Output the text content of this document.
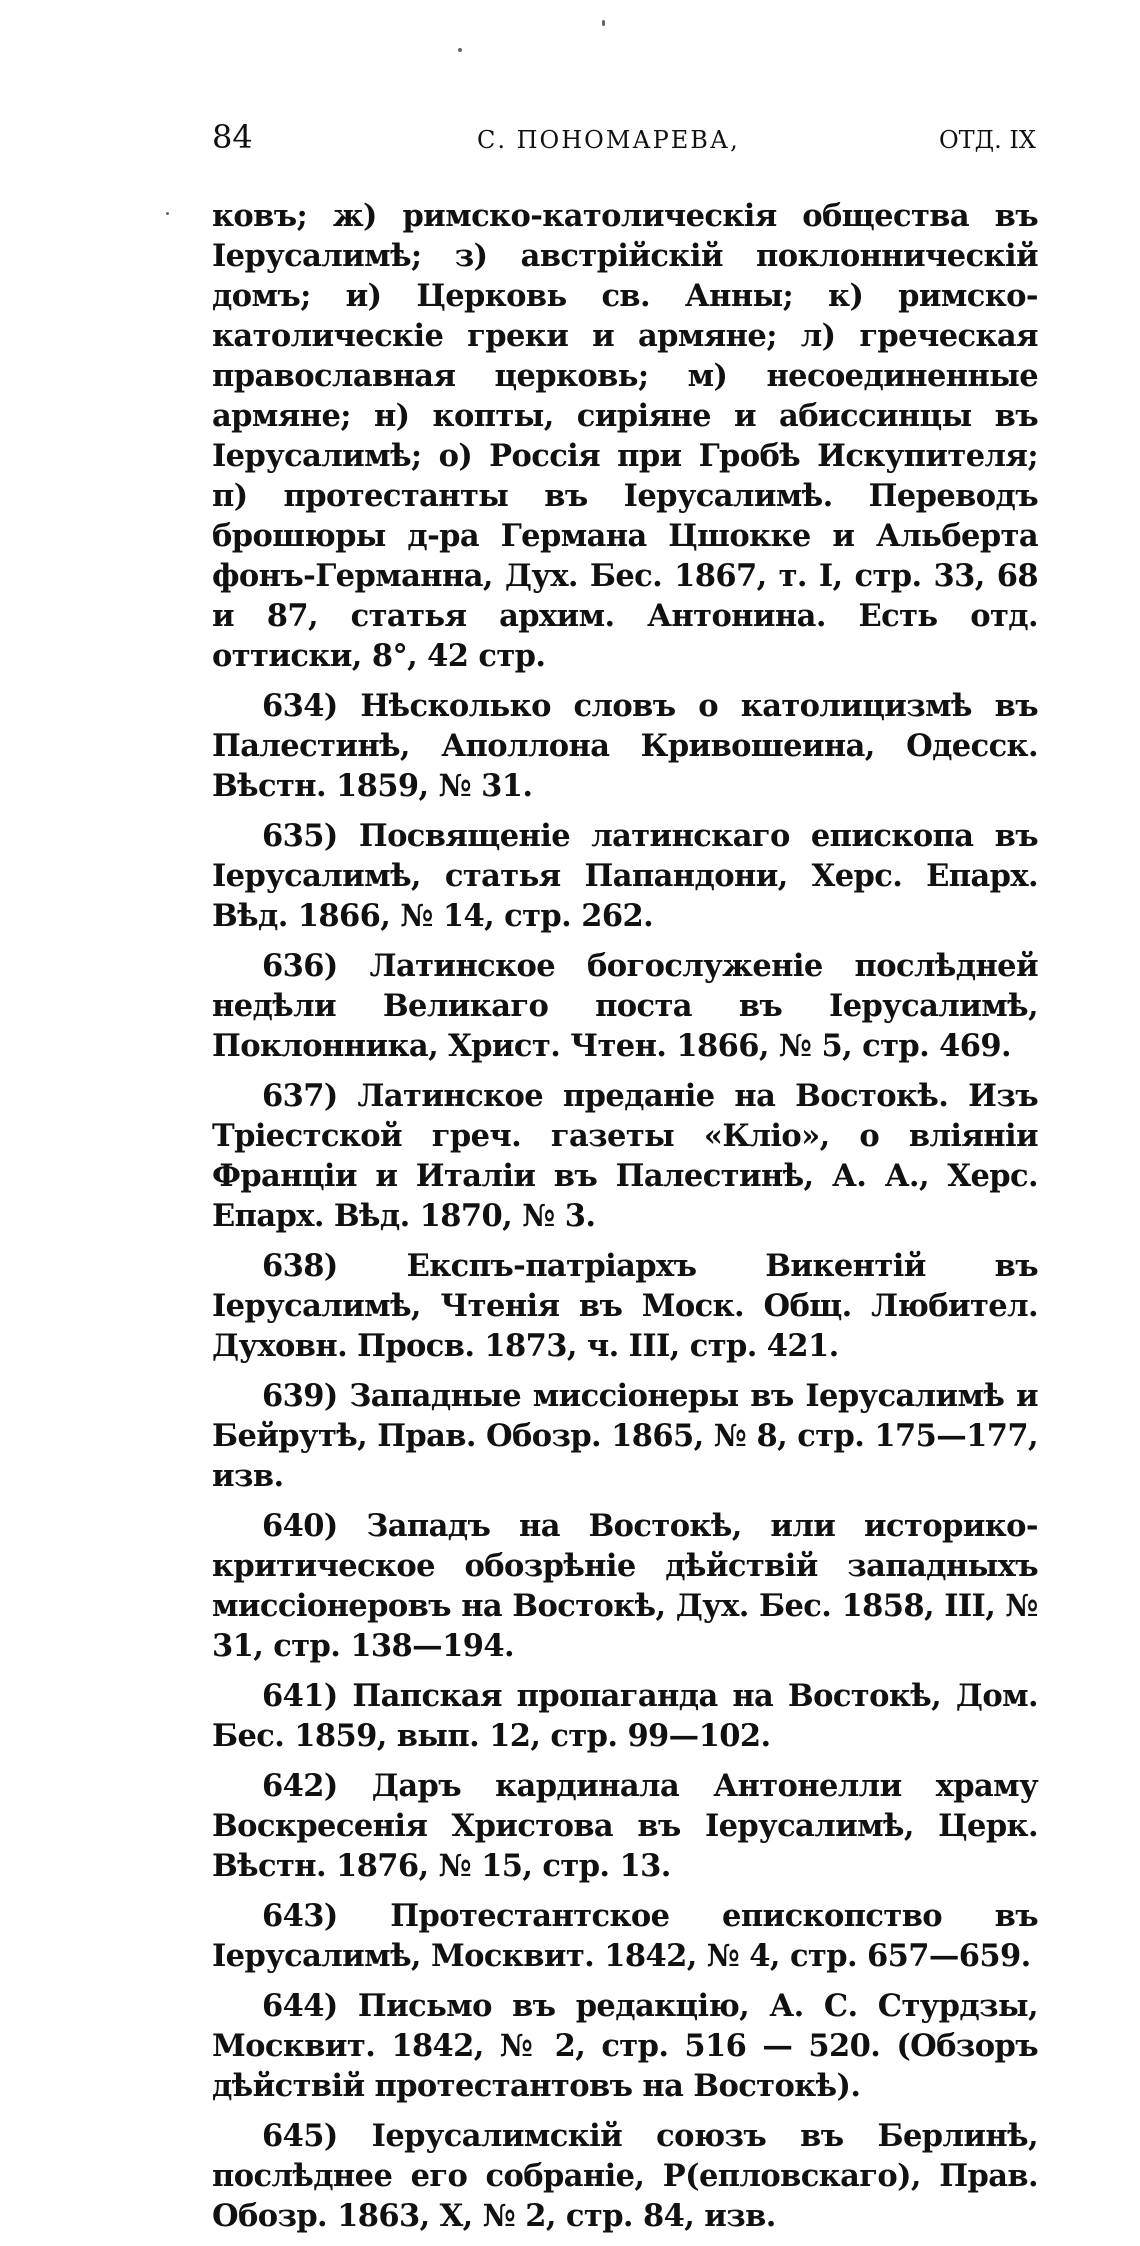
84	С. ПОНОМАРЕВА,	ОТД. IX

ковъ; ж) римско-католическія общества въ Іерусалимѣ; з) австрійскій поклонническій домъ; и) Церковь св. Анны; к) римско-католическіе греки и армяне; л) греческая православная церковь; м) несоединенные армяне; н) копты, сиріяне и абиссинцы въ Іерусалимѣ; о) Россія при Гробѣ Искупителя; п) протестанты въ Іерусалимѣ. Переводъ брошюры д-ра Германа Цшокке и Альберта фонъ-Германна, Дух. Бес. 1867, т. I, стр. 33, 68 и 87, статья архим. Антонина. Есть отд. оттиски, 8°, 42 стр.

634) Нѣсколько словъ о католицизмѣ въ Палестинѣ, Аполлона Кривошеина, Одесск. Вѣстн. 1859, № 31.

635) Посвященіе латинскаго епископа въ Іерусалимѣ, статья Папандони, Херс. Епарх. Вѣд. 1866, № 14, стр. 262.

636) Латинское богослуженіе послѣдней недѣли Великаго поста въ Іерусалимѣ, Поклонника, Христ. Чтен. 1866, № 5, стр. 469.

637) Латинское преданіе на Востокѣ. Изъ Тріестской греч. газеты «Кліо», о вліяніи Франціи и Италіи въ Палестинѣ, А. А., Херс. Епарх. Вѣд. 1870, № 3.

638) Експъ-патріархъ Викентій въ Іерусалимѣ, Чтенія въ Моск. Общ. Любител. Духовн. Просв. 1873, ч. III, стр. 421.

639) Западные миссіонеры въ Іерусалимѣ и Бейрутѣ, Прав. Обозр. 1865, № 8, стр. 175—177, изв.

640) Западъ на Востокѣ, или историко-критическое обозрѣніе дѣйствій западныхъ миссіонеровъ на Востокѣ, Дух. Бес. 1858, III, № 31, стр. 138—194.

641) Папская пропаганда на Востокѣ, Дом. Бес. 1859, вып. 12, стр. 99—102.

642) Даръ кардинала Антонелли храму Воскресенія Христова въ Іерусалимѣ, Церк. Вѣстн. 1876, № 15, стр. 13.

643) Протестантское епископство въ Іерусалимѣ, Москвит. 1842, № 4, стр. 657—659.

644) Письмо въ редакцію, А. С. Стурдзы, Москвит. 1842, № 2, стр. 516 — 520. (Обзоръ дѣйствій протестантовъ на Востокѣ).

645) Іерусалимскій союзъ въ Берлинѣ, послѣднее его собраніе, Р(епловскаго), Прав. Обозр. 1863, X, № 2, стр. 84, изв.
